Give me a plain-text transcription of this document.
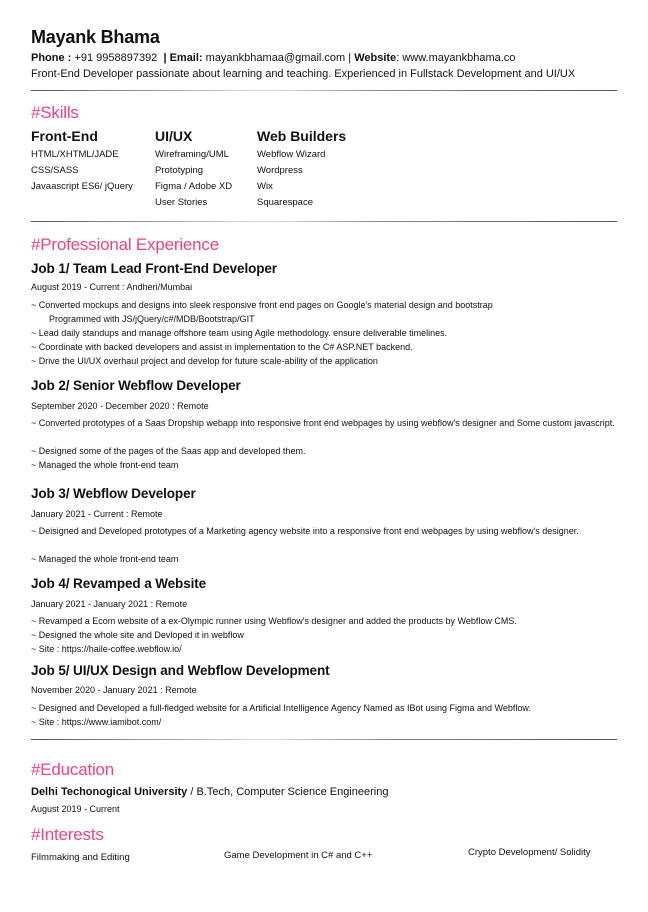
Mayank Bhama
Phone : +91 9958897392 | Email: mayankbhamaa@gmail.com | Website: www.mayankbhama.co
Front-End Developer passionate about learning and teaching. Experienced in Fullstack Development and UI/UX
#Skills
Front-End
HTML/XHTML/JADE
CSS/SASS
Javaascript ES6/ jQuery
UI/UX
Wireframing/UML
Prototyping
Figma / Adobe XD
User Stories
Web Builders
Webflow Wizard
Wordpress
Wix
Squarespace
#Professional Experience
Job 1/ Team Lead Front-End Developer
August 2019 - Current : Andheri/Mumbai
~ Converted mockups and designs into sleek responsive front end pages on Google's material design and bootstrap
Programmed with JS/jQuery/c#/MDB/Bootstrap/GIT
~ Lead daily standups and manage offshore team using Agile methodology. ensure deliverable timelines.
~ Coordinate with backed developers and assist in implementation to the C# ASP.NET backend.
~ Drive the UI/UX overhaul project and develop for future scale-ability of the application
Job 2/ Senior Webflow Developer
September 2020 - December 2020 : Remote
~ Converted prototypes of a Saas Dropship webapp into responsive front end webpages by using webflow's designer and Some custom javascript.
~ Designed some of the pages of the Saas app and developed them.
~ Managed the whole front-end team
Job 3/ Webflow Developer
January 2021 - Current : Remote
~ Deisigned and Developed prototypes of a Marketing agency website into a responsive front end webpages by using webflow's designer.
~ Managed the whole front-end team
Job 4/ Revamped a Website
January 2021 - January 2021 : Remote
~ Revamped a Ecom website of a ex-Olympic runner using Webflow's designer and added the products by Webflow CMS.
~ Designed the whole site and Devloped it in webflow
~ Site : https://haile-coffee.webflow.io/
Job 5/ UI/UX Design and Webflow Development
November 2020 - January 2021 : Remote
~ Designed and Developed a full-fledged website for a Artificial Intelligence Agency Named as IBot using Figma and Webflow.
~ Site : https://www.iamibot.com/
#Education
Delhi Techonogical University / B.Tech, Computer Science Engineering
August 2019 - Current
#Interests
Filmmaking and Editing	Game Development in C# and C++	Crypto Development/ Solidity
